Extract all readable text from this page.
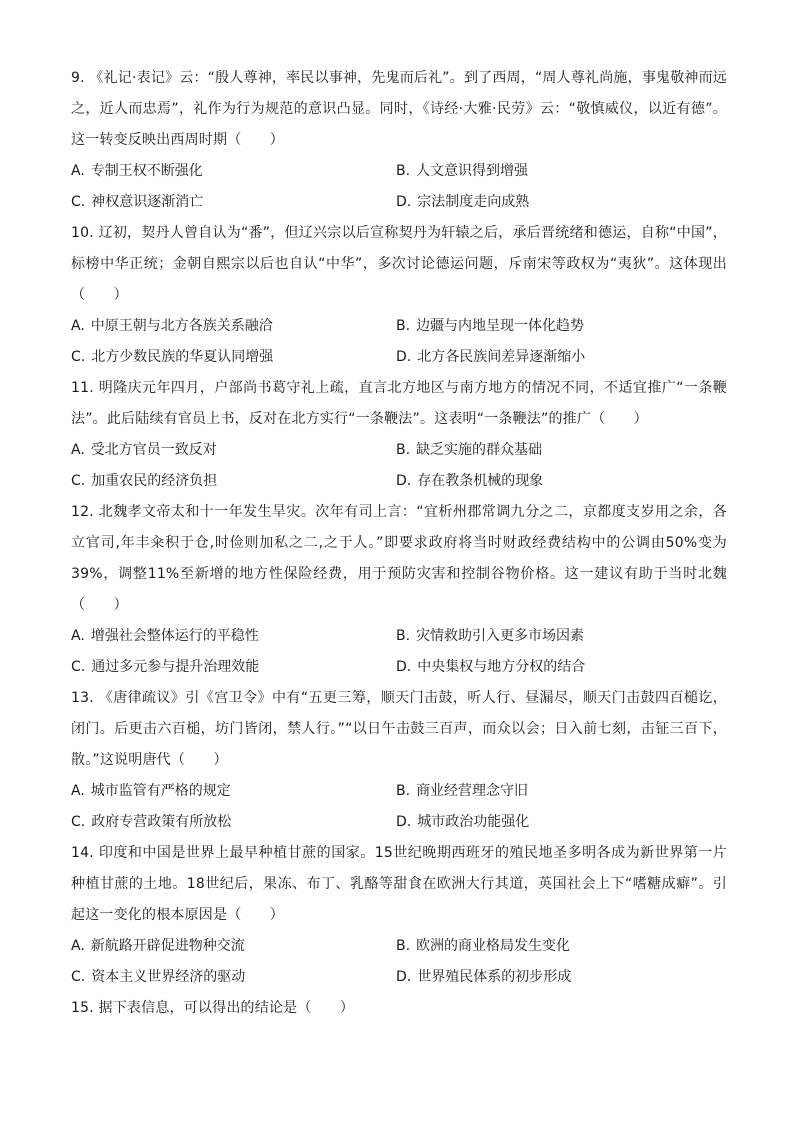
9. 《礼记·表记》云：“殷人尊神，率民以事神，先鬼而后礼”。到了西周，“周人尊礼尚施，事鬼敬神而远之，近人而忠焉”，礼作为行为规范的意识凸显。同时，《诗经·大雅·民劳》云：“敬慎威仪，以近有德”。这一转变反映出西周时期（　　）

A. 专制王权不断强化	B. 人文意识得到增强
C. 神权意识逐渐消亡	D. 宗法制度走向成熟

10. 辽初，契丹人曾自认为“番”，但辽兴宗以后宣称契丹为轩辕之后，承后晋统绪和德运，自称“中国”，标榜中华正统；金朝自熙宗以后也自认“中华”，多次讨论德运问题，斥南宋等政权为“夷狄”。这体现出（　　）

A. 中原王朝与北方各族关系融洽	B. 边疆与内地呈现一体化趋势
C. 北方少数民族的华夏认同增强	D. 北方各民族间差异逐渐缩小

11. 明隆庆元年四月，户部尚书葛守礼上疏，直言北方地区与南方地方的情况不同，不适宜推广“一条鞭法”。此后陆续有官员上书，反对在北方实行“一条鞭法”。这表明“一条鞭法”的推广（　　）

A. 受北方官员一致反对	B. 缺乏实施的群众基础
C. 加重农民的经济负担	D. 存在教条机械的现象

12. 北魏孝文帝太和十一年发生旱灾。次年有司上言：“宜析州郡常调九分之二，京都度支岁用之余，各立官司,年丰籴积于仓,时俭则加私之二,之于人。”即要求政府将当时财政经费结构中的公调由50%变为39%，调整11%至新增的地方性保险经费，用于预防灾害和控制谷物价格。这一建议有助于当时北魏（　　）

A. 增强社会整体运行的平稳性	B. 灾情救助引入更多市场因素
C. 通过多元参与提升治理效能	D. 中央集权与地方分权的结合

13. 《唐律疏议》引《宫卫令》中有“五更三筹，顺天门击鼓，听人行、昼漏尽，顺天门击鼓四百槌讫，闭门。后更击六百槌，坊门皆闭，禁人行。”“以日午击鼓三百声，而众以会；日入前七刻，击钲三百下，散。”这说明唐代（　　）

A. 城市监管有严格的规定	B. 商业经营理念守旧
C. 政府专营政策有所放松	D. 城市政治功能强化

14. 印度和中国是世界上最早种植甘蔗的国家。15世纪晚期西班牙的殖民地圣多明各成为新世界第一片种植甘蔗的土地。18世纪后，果冻、布丁、乳酪等甜食在欧洲大行其道，英国社会上下“嗜糖成癖”。引起这一变化的根本原因是（　　）

A. 新航路开辟促进物种交流	B. 欧洲的商业格局发生变化
C. 资本主义世界经济的驱动	D. 世界殖民体系的初步形成

15. 据下表信息，可以得出的结论是（　　）
